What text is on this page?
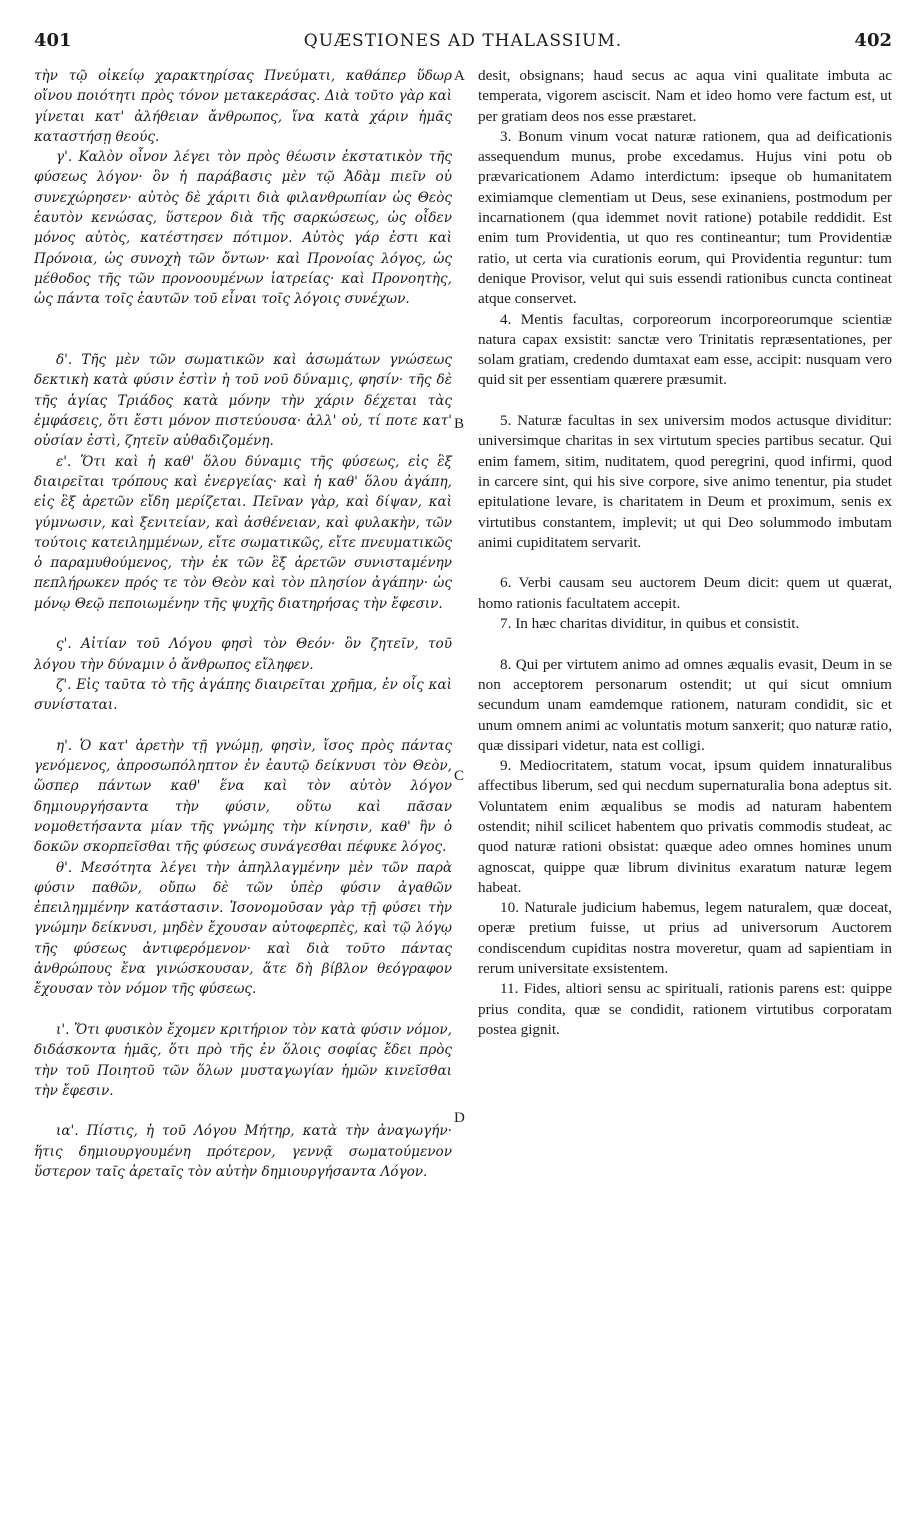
401	QUÆSTIONES AD THALASSIUM.	402

τὴν τῷ οἰκείῳ χαρακτηρίσας Πνεύματι, καθάπερ ὕδωρ οἴνου ποιότητι πρὸς τόνον μετακεράσας. Διὰ τοῦτο γὰρ καὶ γίνεται κατ' ἀλήθειαν ἄνθρωπος, ἵνα κατὰ χάριν ἡμᾶς καταστήσῃ θεούς.

γ'. Καλὸν οἶνον λέγει τὸν πρὸς θέωσιν ἐκστατικὸν τῆς φύσεως λόγον· ὃν ἡ παράβασις μὲν τῷ Ἀδὰμ πιεῖν οὐ συνεχώρησεν· αὐτὸς δὲ χάριτι διὰ φιλανθρωπίαν ὡς Θεὸς ἑαυτὸν κενώσας, ὕστερον διὰ τῆς σαρκώσεως, ὡς οἶδεν μόνος αὐτὸς, κατέστησεν πότιμον. Αὐτὸς γάρ ἐστι καὶ Πρόνοια, ὡς συνοχὴ τῶν ὄντων· καὶ Προνοίας λόγος, ὡς μέθοδος τῆς τῶν προνοουμένων ἰατρείας· καὶ Προνοητὴς, ὡς πάντα τοῖς ἑαυτῶν τοῦ εἶναι τοῖς λόγοις συνέχων.

δ'. Τῆς μὲν τῶν σωματικῶν καὶ ἀσωμάτων γνώσεως δεκτικὴ κατὰ φύσιν ἐστὶν ἡ τοῦ νοῦ δύναμις, φησίν· τῆς δὲ τῆς ἁγίας Τριάδος κατὰ μόνην τὴν χάριν δέχεται τὰς ἐμφάσεις, ὅτι ἔστι μόνον πιστεύουσα· ἀλλ' οὐ, τί ποτε κατ' οὐσίαν ἐστὶ, ζητεῖν αὐθαδιζομένη.

ε'. Ὅτι καὶ ἡ καθ' ὅλου δύναμις τῆς φύσεως, εἰς ἓξ διαιρεῖται τρόπους καὶ ἐνεργείας· καὶ ἡ καθ' ὅλου ἀγάπη, εἰς ἓξ ἀρετῶν εἴδη μερίζεται. Πεῖναν γὰρ, καὶ δίψαν, καὶ γύμνωσιν, καὶ ξενιτείαν, καὶ ἀσθένειαν, καὶ φυλακὴν, τῶν τούτοις κατειλημμένων, εἴτε σωματικῶς, εἴτε πνευματικῶς ὁ παραμυθούμενος, τὴν ἐκ τῶν ἓξ ἀρετῶν συνισταμένην πεπλήρωκεν πρός τε τὸν Θεὸν καὶ τὸν πλησίον ἀγάπην· ὡς μόνῳ Θεῷ πεποιωμένην τῆς ψυχῆς διατηρήσας τὴν ἔφεσιν.

ς'. Αἰτίαν τοῦ Λόγου φησὶ τὸν Θεόν· ὃν ζητεῖν, τοῦ λόγου τὴν δύναμιν ὁ ἄνθρωπος εἴληφεν.

ζ'. Εἰς ταῦτα τὸ τῆς ἀγάπης διαιρεῖται χρῆμα, ἐν οἷς καὶ συνίσταται.

η'. Ὁ κατ' ἀρετὴν τῇ γνώμῃ, φησὶν, ἴσος πρὸς πάντας γενόμενος, ἀπροσωπόληπτον ἐν ἑαυτῷ δείκνυσι τὸν Θεὸν, ὥσπερ πάντων καθ' ἕνα καὶ τὸν αὐτὸν λόγον δημιουργήσαντα τὴν φύσιν, οὕτω καὶ πᾶσαν νομοθετήσαντα μίαν τῆς γνώμης τὴν κίνησιν, καθ' ἣν ὁ δοκῶν σκορπεῖσθαι τῆς φύσεως συνάγεσθαι πέφυκε λόγος.

θ'. Μεσότητα λέγει τὴν ἀπηλλαγμένην μὲν τῶν παρὰ φύσιν παθῶν, οὔπω δὲ τῶν ὑπὲρ φύσιν ἀγαθῶν ἐπειλημμένην κατάστασιν. Ἰσονομοῦσαν γὰρ τῇ φύσει τὴν γνώμην δείκνυσι, μηδὲν ἔχουσαν αὐτοφερπὲς, καὶ τῷ λόγῳ τῆς φύσεως ἀντιφερόμενον· καὶ διὰ τοῦτο πάντας ἀνθρώπους ἕνα γινώσκουσαν, ἅτε δὴ βίβλον θεόγραφον ἔχουσαν τὸν νόμον τῆς φύσεως.

ι'. Ὅτι φυσικὸν ἔχομεν κριτήριον τὸν κατὰ φύσιν νόμον, διδάσκοντα ἡμᾶς, ὅτι πρὸ τῆς ἐν ὅλοις σοφίας ἔδει πρὸς τὴν τοῦ Ποιητοῦ τῶν ὅλων μυσταγωγίαν ἡμῶν κινεῖσθαι τὴν ἔφεσιν.

ια'. Πίστις, ἡ τοῦ Λόγου Μήτηρ, κατὰ τὴν ἀναγωγήν· ἥτις δημιουργουμένη πρότερον, γεννᾷ σωματούμενον ὕστερον ταῖς ἀρεταῖς τὸν αὐτὴν δημιουργήσαντα Λόγον.

A
B
C
D

desit, obsignans; haud secus ac aqua vini qualitate imbuta ac temperata, vigorem asciscit. Nam et ideo homo vere factum est, ut per gratiam deos nos esse præstaret.

3. Bonum vinum vocat naturæ rationem, qua ad deificationis assequendum munus, probe excedamus. Hujus vini potu ob prævaricationem Adamo interdictum: ipseque ob humanitatem eximiamque clementiam ut Deus, sese exinaniens, postmodum per incarnationem (qua idemmet novit ratione) potabile reddidit. Est enim tum Providentia, ut quo res contineantur; tum Providentiæ ratio, ut certa via curationis eorum, qui Providentia reguntur: tum denique Provisor, velut qui suis essendi rationibus cuncta contineat atque conservet.

4. Mentis facultas, corporeorum incorporeorumque scientiæ natura capax exsistit: sanctæ vero Trinitatis repræsentationes, per solam gratiam, credendo dumtaxat eam esse, accipit: nusquam vero quid sit per essentiam quærere præsumit.

5. Naturæ facultas in sex universim modos actusque dividitur: universimque charitas in sex virtutum species partibus secatur. Qui enim famem, sitim, nuditatem, quod peregrini, quod infirmi, quod in carcere sint, qui his sive corpore, sive animo tenentur, pia studet epitulatione levare, is charitatem in Deum et proximum, senis ex virtutibus constantem, implevit; ut qui Deo solummodo imbutam animi cupiditatem servarit.

6. Verbi causam seu auctorem Deum dicit: quem ut quærat, homo rationis facultatem accepit.

7. In hæc charitas dividitur, in quibus et consistit.

8. Qui per virtutem animo ad omnes æqualis evasit, Deum in se non acceptorem personarum ostendit; ut qui sicut omnium secundum unam eamdemque rationem, naturam condidit, sic et unum omnem animi ac voluntatis motum sanxerit; quo naturæ ratio, quæ dissipari videtur, nata est colligi.

9. Mediocritatem, statum vocat, ipsum quidem innaturalibus affectibus liberum, sed qui necdum supernaturalia bona adeptus sit. Voluntatem enim æqualibus se modis ad naturam habentem ostendit; nihil scilicet habentem quo privatis commodis studeat, ac quod naturæ rationi obsistat: quæque adeo omnes homines unum agnoscat, quippe quæ librum divinitus exaratum naturæ legem habeat.

10. Naturale judicium habemus, legem naturalem, quæ doceat, operæ pretium fuisse, ut prius ad universorum Auctorem condiscendum cupiditas nostra moveretur, quam ad sapientiam in rerum universitate exsistentem.

11. Fides, altiori sensu ac spirituali, rationis parens est: quippe prius condita, quæ se condidit, rationem virtutibus corporatam postea gignit.
